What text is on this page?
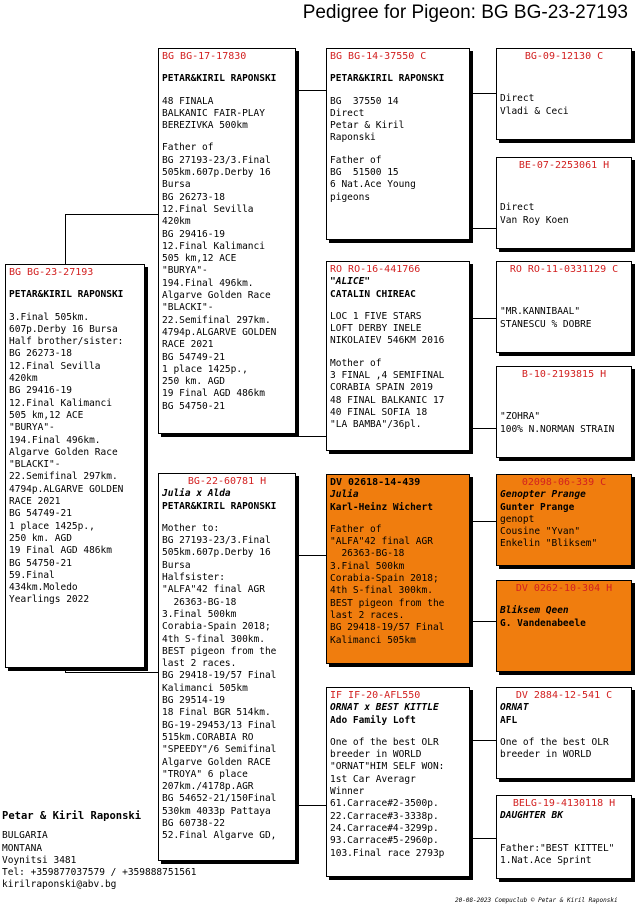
Pedigree for Pigeon: BG BG-23-27193
BG BG-23-27193
PETAR&KIRIL RAPONSKI
3.Final 505km.
607p.Derby 16 Bursa
Half brother/sister:
BG 26273-18
12.Final Sevilla
420km
BG 29416-19
12.Final Kalimanci
505 km,12 ACE
"BURYA"-
194.Final 496km.
Algarve Golden Race
"BLACKI"-
22.Semifinal 297km.
4794p.ALGARVE GOLDEN
RACE 2021
BG 54749-21
1 place 1425p.,
250 km. AGD
19 Final AGD 486km
BG 54750-21
59.Final
434km.Moledo
Yearlings 2022
BG BG-17-17830
PETAR&KIRIL RAPONSKI
48 FINALA
BALKANIC FAIR-PLAY
BEREZIVKA 500km
Father of
BG 27193-23/3.Final
505km.607p.Derby 16
Bursa
BG 26273-18
12.Final Sevilla
420km
BG 29416-19
12.Final Kalimanci
505 km,12 ACE
"BURYA"-
194.Final 496km.
Algarve Golden Race
"BLACKI"-
22.Semifinal 297km.
4794p.ALGARVE GOLDEN
RACE 2021
BG 54749-21
1 place 1425p.,
250 km. AGD
19 Final AGD 486km
BG 54750-21
BG-22-60781 H
Julia x Alda
PETAR&KIRIL RAPONSKI
Mother to:
BG 27193-23/3.Final
505km.607p.Derby 16
Bursa
Halfsister:
"ALFA"42 final AGR
26363-BG-18
3.Final 500km
Corabia-Spain 2018;
4th S-final 300km.
BEST pigeon from the
last 2 races.
BG 29418-19/57 Final
Kalimanci 505km
BG 29514-19
18 Final BGR 514km.
BG-19-29453/13 Final
515km.CORABIA RO
"SPEEDY"/6 Semifinal
Algarve Golden RACE
"TROYA" 6 place
207km./4178p.AGR
BG 54652-21/150Final
530km 4033p Pattaya
BG 60738-22
52.Final Algarve GD,
BG BG-14-37550 C
PETAR&KIRIL RAPONSKI
BG  37550 14
Direct
Petar & Kiril
Raponski
Father of
BG  51500 15
6 Nat.Ace Young
pigeons
RO RO-16-441766
"ALICE"
CATALIN CHIREAC
LOC 1 FIVE STARS
LOFT DERBY INELE
NIKOLAIEV 546KM 2016
Mother of
3 FINAL ,4 SEMIFINAL
CORABIA SPAIN 2019
48 FINAL BALKANIC 17
40 FINAL SOFIA 18
"LA BAMBA"/36pl.
DV 02618-14-439
Julia
Karl-Heinz Wichert
Father of
"ALFA"42 final AGR
26363-BG-18
3.Final 500km
Corabia-Spain 2018;
4th S-final 300km.
BEST pigeon from the
last 2 races.
BG 29418-19/57 Final
Kalimanci 505km
IF IF-20-AFL550
ORNAT x BEST KITTLE
Ado Family Loft
One of the best OLR
breeder in WORLD
"ORNAT"HIM SELF WON:
1st Car Averagr
Winner
61.Carrace#2-3500p.
22.Carrace#3-3338p.
24.Carrace#4-3299p.
93.Carrace#5-2960p.
103.Final race 2793p
BG-09-12130 C
Direct
Vladi & Ceci
BE-07-2253061 H
Direct
Van Roy Koen
RO RO-11-0331129 C
"MR.KANNIBAAL"
STANESCU % DOBRE
B-10-2193815 H
"ZOHRA"
100% N.NORMAN STRAIN
02098-06-339 C
Genopter Prange
Gunter Prange
genopt
Cousine "Yvan"
Enkelin "Bliksem"
DV 0262-10-304 H
Bliksem Qeen
G. Vandenabeele
DV 2884-12-541 C
ORNAT
AFL
One of the best OLR
breeder in WORLD
BELG-19-4130118 H
DAUGHTER BK
Father:"BEST KITTEL"
1.Nat.Ace Sprint
Petar & Kiril Raponski
BULGARIA
MONTANA
Voynitsi 3481
Tel: +359877037579 / +359888751561
kirilraponski@abv.bg
20-08-2023 Compuclub © Petar & Kiril Raponski
